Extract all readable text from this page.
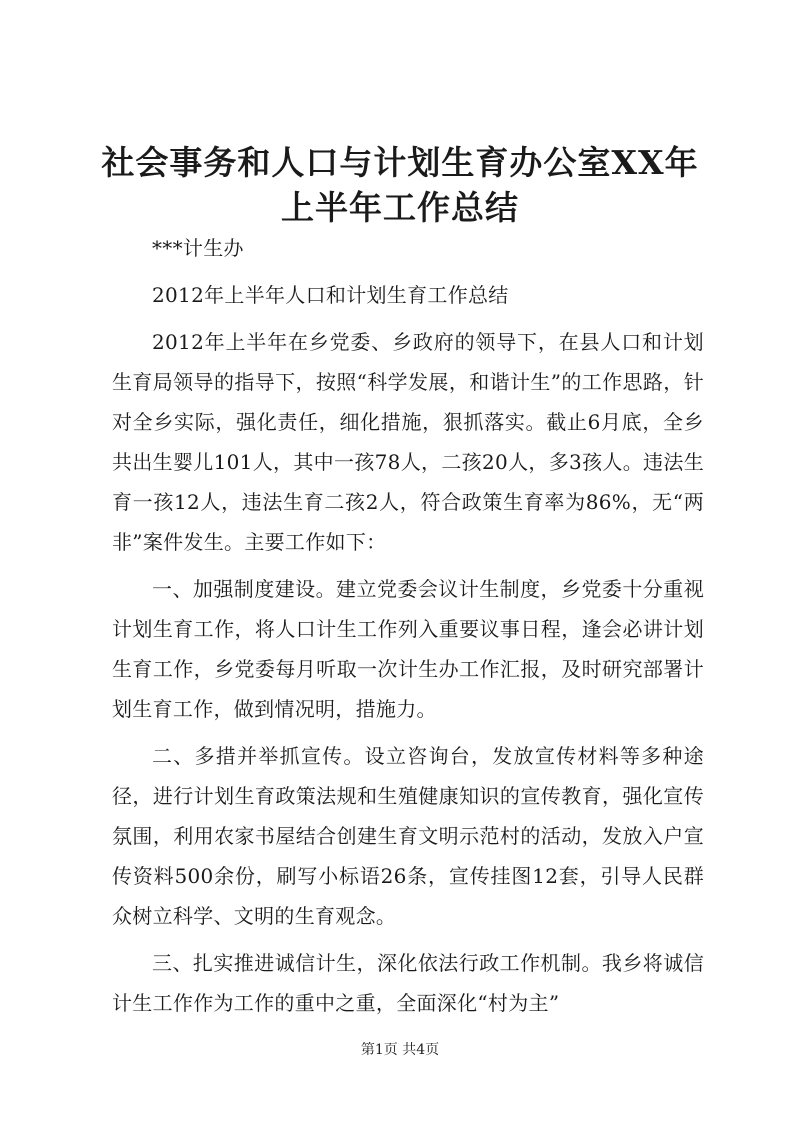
社会事务和人口与计划生育办公室XX年上半年工作总结

***计生办

2012年上半年人口和计划生育工作总结

2012年上半年在乡党委、乡政府的领导下，在县人口和计划生育局领导的指导下，按照“科学发展，和谐计生”的工作思路，针对全乡实际，强化责任，细化措施，狠抓落实。截止6月底，全乡共出生婴儿101人，其中一孩78人，二孩20人，多3孩人。违法生育一孩12人，违法生育二孩2人，符合政策生育率为86%，无“两非”案件发生。主要工作如下：

一、加强制度建设。建立党委会议计生制度，乡党委十分重视计划生育工作，将人口计生工作列入重要议事日程，逢会必讲计划生育工作，乡党委每月听取一次计生办工作汇报，及时研究部署计划生育工作，做到情况明，措施力。

二、多措并举抓宣传。设立咨询台，发放宣传材料等多种途径，进行计划生育政策法规和生殖健康知识的宣传教育，强化宣传氛围，利用农家书屋结合创建生育文明示范村的活动，发放入户宣传资料500余份，刷写小标语26条，宣传挂图12套，引导人民群众树立科学、文明的生育观念。

三、扎实推进诚信计生，深化依法行政工作机制。我乡将诚信计生工作作为工作的重中之重，全面深化“村为主”

第1页 共4页
